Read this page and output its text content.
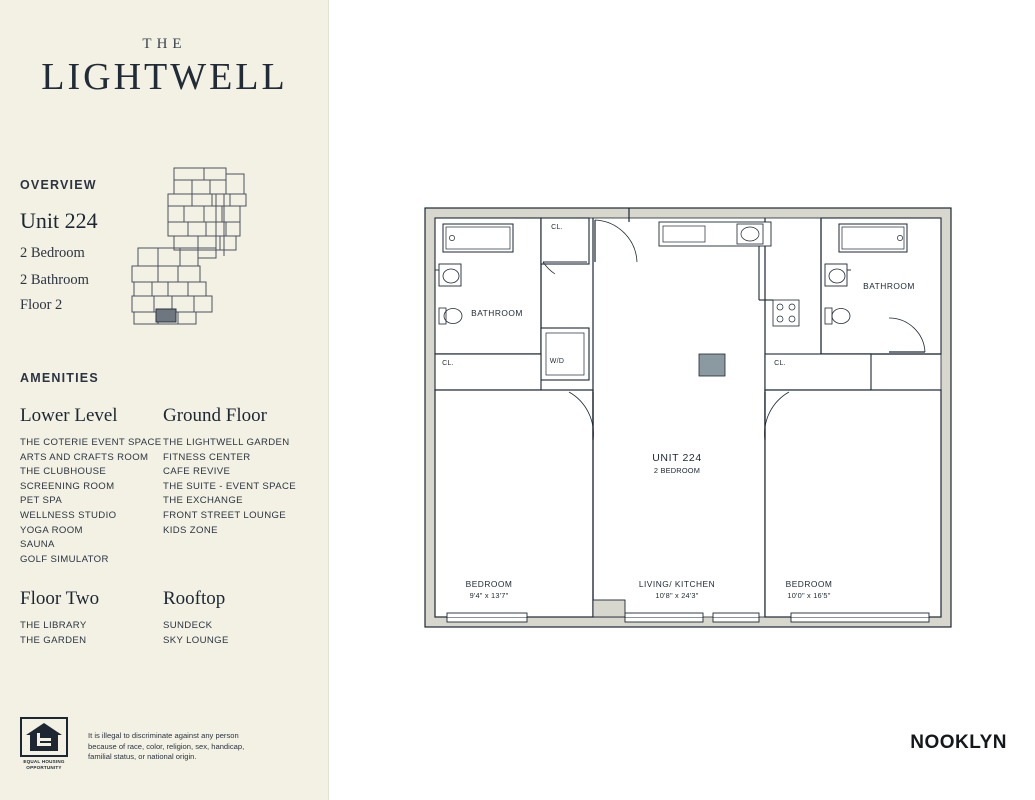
THE
LIGHTWELL
OVERVIEW
Unit 224
2 Bedroom
2 Bathroom
Floor 2
AMENITIES
Lower Level
THE COTERIE EVENT SPACE
ARTS AND CRAFTS ROOM
THE CLUBHOUSE
SCREENING ROOM
PET SPA
WELLNESS STUDIO
YOGA ROOM
SAUNA
GOLF SIMULATOR
Ground Floor
THE LIGHTWELL GARDEN
FITNESS CENTER
CAFE REVIVE
THE SUITE - EVENT SPACE
THE EXCHANGE
FRONT STREET LOUNGE
KIDS ZONE
Floor Two
THE LIBRARY
THE GARDEN
Rooftop
SUNDECK
SKY LOUNGE
EQUAL HOUSING OPPORTUNITY
It is illegal to discriminate against any person because of race, color, religion, sex, handicap, familial status, or national origin.
CL.
W/D
CL.	CL.
BATHROOM
BATHROOM
UNIT 224
2 BEDROOM
BEDROOM
9'4" x 13'7"
LIVING/ KITCHEN
10'8" x 24'3"
BEDROOM
10'0" x 16'5"
NOOKLYN
